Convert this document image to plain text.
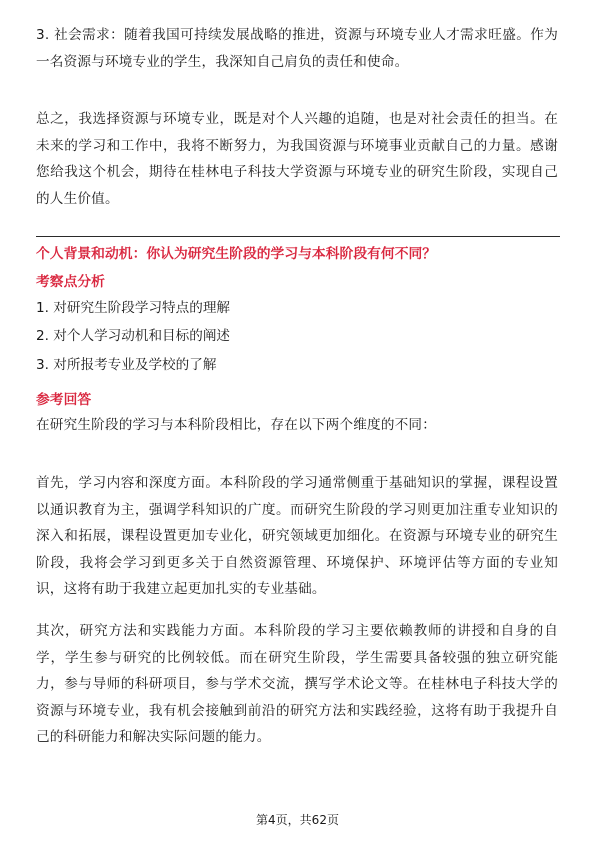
3. 社会需求：随着我国可持续发展战略的推进，资源与环境专业人才需求旺盛。作为一名资源与环境专业的学生，我深知自己肩负的责任和使命。

总之，我选择资源与环境专业，既是对个人兴趣的追随，也是对社会责任的担当。在未来的学习和工作中，我将不断努力，为我国资源与环境事业贡献自己的力量。感谢您给我这个机会，期待在桂林电子科技大学资源与环境专业的研究生阶段，实现自己的人生价值。

个人背景和动机：你认为研究生阶段的学习与本科阶段有何不同？
考察点分析
1. 对研究生阶段学习特点的理解
2. 对个人学习动机和目标的阐述
3. 对所报考专业及学校的了解
参考回答

在研究生阶段的学习与本科阶段相比，存在以下两个维度的不同：

首先，学习内容和深度方面。本科阶段的学习通常侧重于基础知识的掌握，课程设置以通识教育为主，强调学科知识的广度。而研究生阶段的学习则更加注重专业知识的深入和拓展，课程设置更加专业化，研究领域更加细化。在资源与环境专业的研究生阶段，我将会学习到更多关于自然资源管理、环境保护、环境评估等方面的专业知识，这将有助于我建立起更加扎实的专业基础。

其次，研究方法和实践能力方面。本科阶段的学习主要依赖教师的讲授和自身的自学，学生参与研究的比例较低。而在研究生阶段，学生需要具备较强的独立研究能力，参与导师的科研项目，参与学术交流，撰写学术论文等。在桂林电子科技大学的资源与环境专业，我有机会接触到前沿的研究方法和实践经验，这将有助于我提升自己的科研能力和解决实际问题的能力。

第4页，共62页
